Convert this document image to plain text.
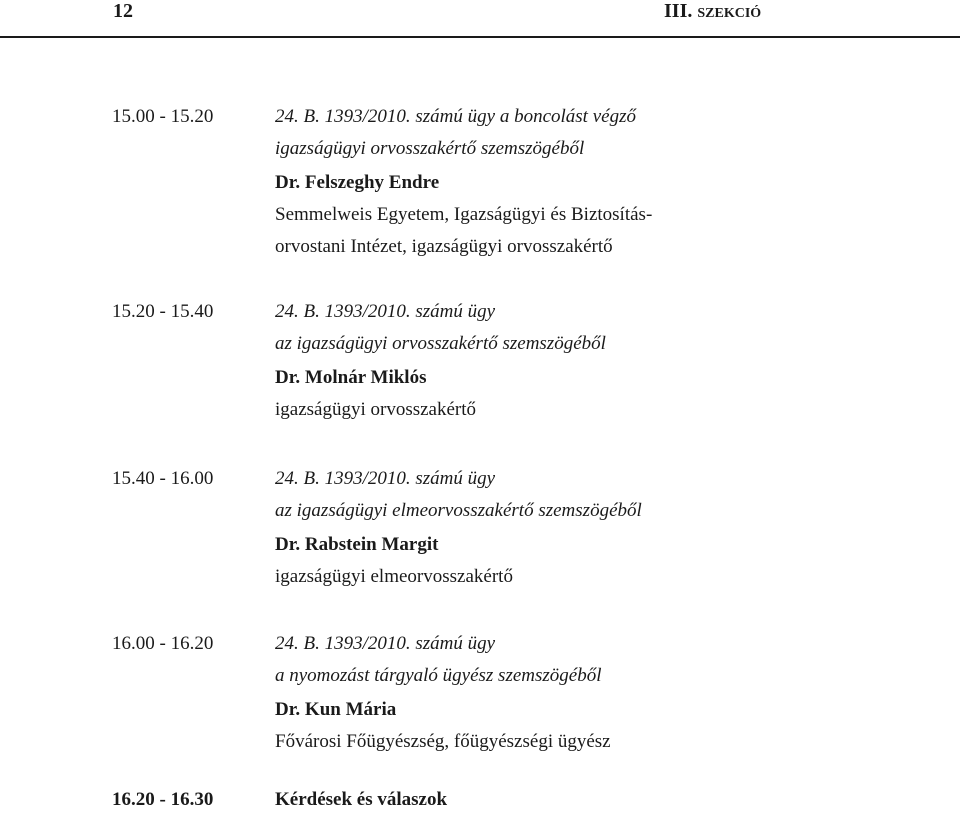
12	III. szekció
15.00 - 15.20	24. B. 1393/2010. számú ügy a boncolást végző

igazságügyi orvosszakértő szemszögéből

Dr. Felszeghy Endre

Semmelweis Egyetem, Igazságügyi és Biztosítás-

orvostani Intézet, igazságügyi orvosszakértő

15.20 - 15.40	24. B. 1393/2010. számú ügy

az igazságügyi orvosszakértő szemszögéből

Dr. Molnár Miklós

igazságügyi orvosszakértő

15.40 - 16.00	24. B. 1393/2010. számú ügy

az igazságügyi elmeorvosszakértő szemszögéből

Dr. Rabstein Margit

igazságügyi elmeorvosszakértő

16.00 - 16.20	24. B. 1393/2010. számú ügy

a nyomozást tárgyaló ügyész szemszögéből

Dr. Kun Mária

Fővárosi Főügyészség, főügyészségi ügyész

16.20 - 16.30	Kérdések és válaszok
